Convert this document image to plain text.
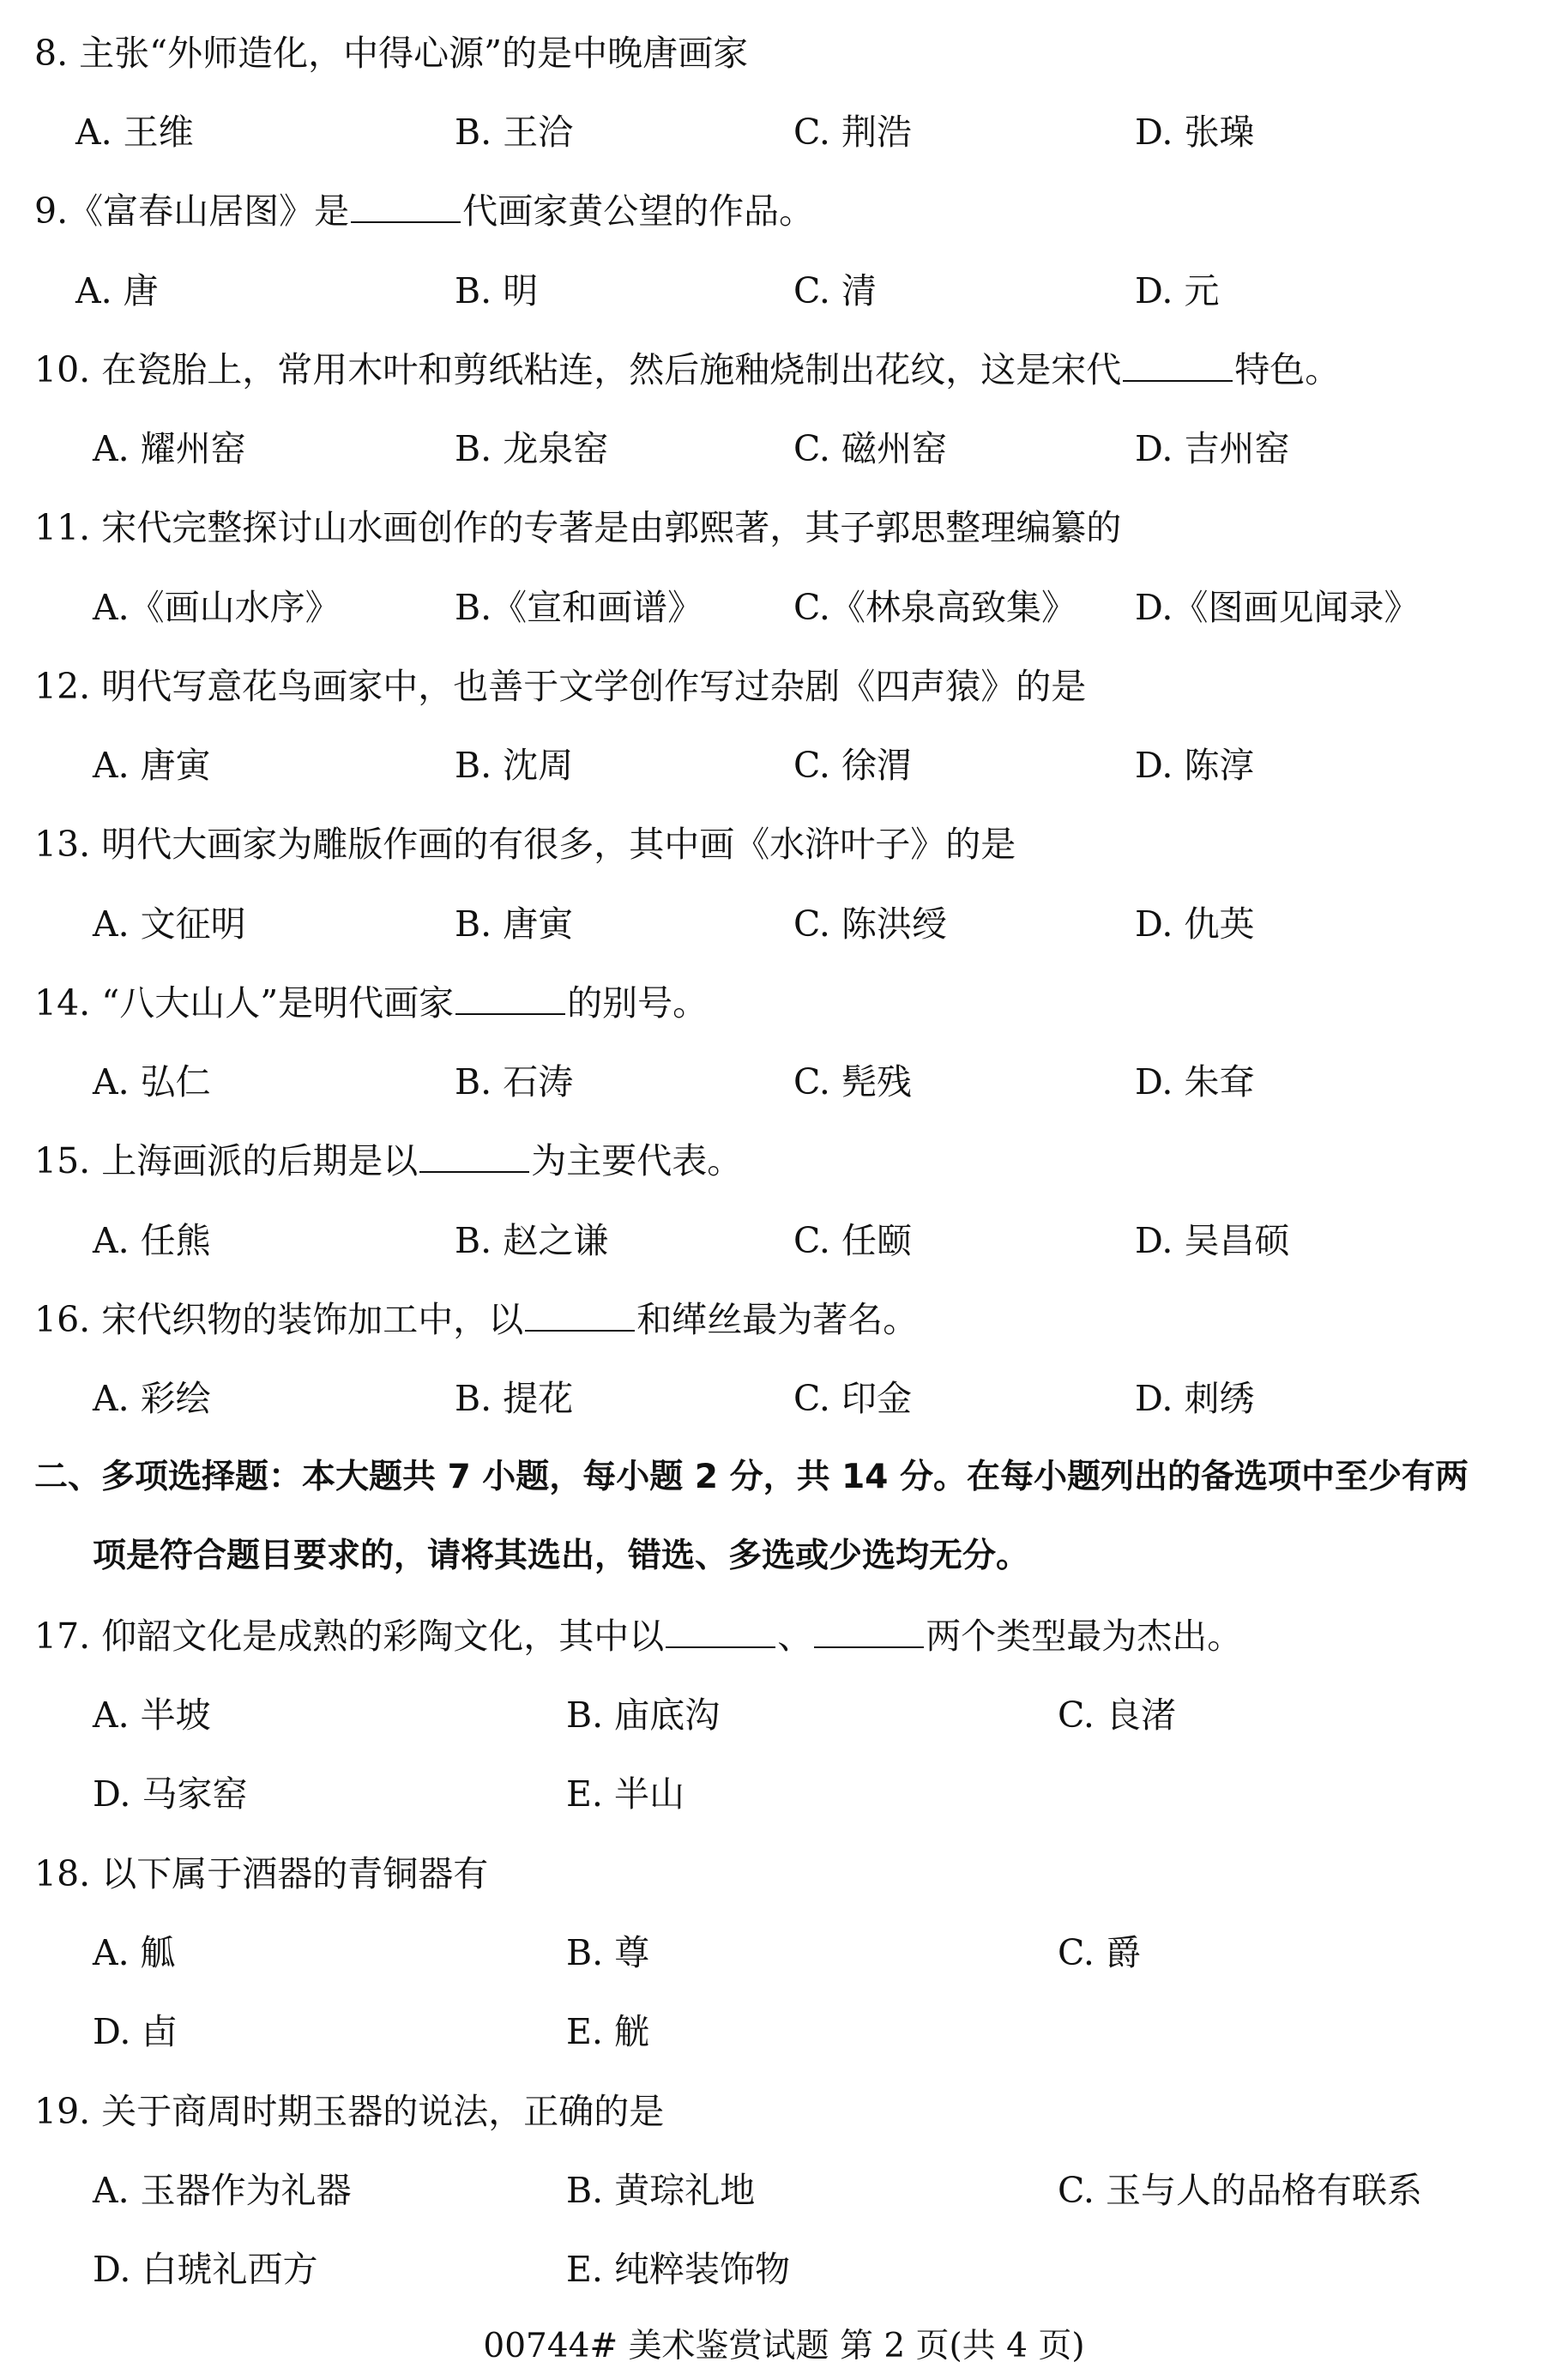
8. 主张“外师造化，中得心源”的是中晚唐画家
A. 王维	B. 王洽	C. 荆浩	D. 张璪
9.《富春山居图》是	代画家黄公望的作品。
A. 唐	B. 明	C. 清	D. 元
10. 在瓷胎上，常用木叶和剪纸粘连，然后施釉烧制出花纹，这是宋代	特色。
A. 耀州窑	B. 龙泉窑	C. 磁州窑	D. 吉州窑
11. 宋代完整探讨山水画创作的专著是由郭熙著，其子郭思整理编纂的
A.《画山水序》	B.《宣和画谱》	C.《林泉高致集》 D.《图画见闻录》
12. 明代写意花鸟画家中，也善于文学创作写过杂剧《四声猿》的是
A. 唐寅	B. 沈周	C. 徐渭	D. 陈淳
13. 明代大画家为雕版作画的有很多，其中画《水浒叶子》的是
A. 文征明	B. 唐寅	C. 陈洪绶	D. 仇英
14. “八大山人”是明代画家	的别号。
A. 弘仁	B. 石涛	C. 髡残	D. 朱耷
15. 上海画派的后期是以	为主要代表。
A. 任熊	B. 赵之谦	C. 任颐	D. 吴昌硕
16. 宋代织物的装饰加工中，以	和缂丝最为著名。
A. 彩绘	B. 提花	C. 印金	D. 刺绣
二、多项选择题：本大题共 7 小题，每小题 2 分，共 14 分。在每小题列出的备选项中至少有两
项是符合题目要求的，请将其选出，错选、多选或少选均无分。
17. 仰韶文化是成熟的彩陶文化，其中以	、	两个类型最为杰出。
A. 半坡	B. 庙底沟	C. 良渚
D. 马家窑	E. 半山
18. 以下属于酒器的青铜器有
A. 觚	B. 尊	C. 爵
D. 卣	E. 觥
19. 关于商周时期玉器的说法，正确的是
A. 玉器作为礼器	B. 黄琮礼地	C. 玉与人的品格有联系
D. 白琥礼西方	E. 纯粹装饰物
00744# 美术鉴赏试题 第 2 页(共 4 页)
